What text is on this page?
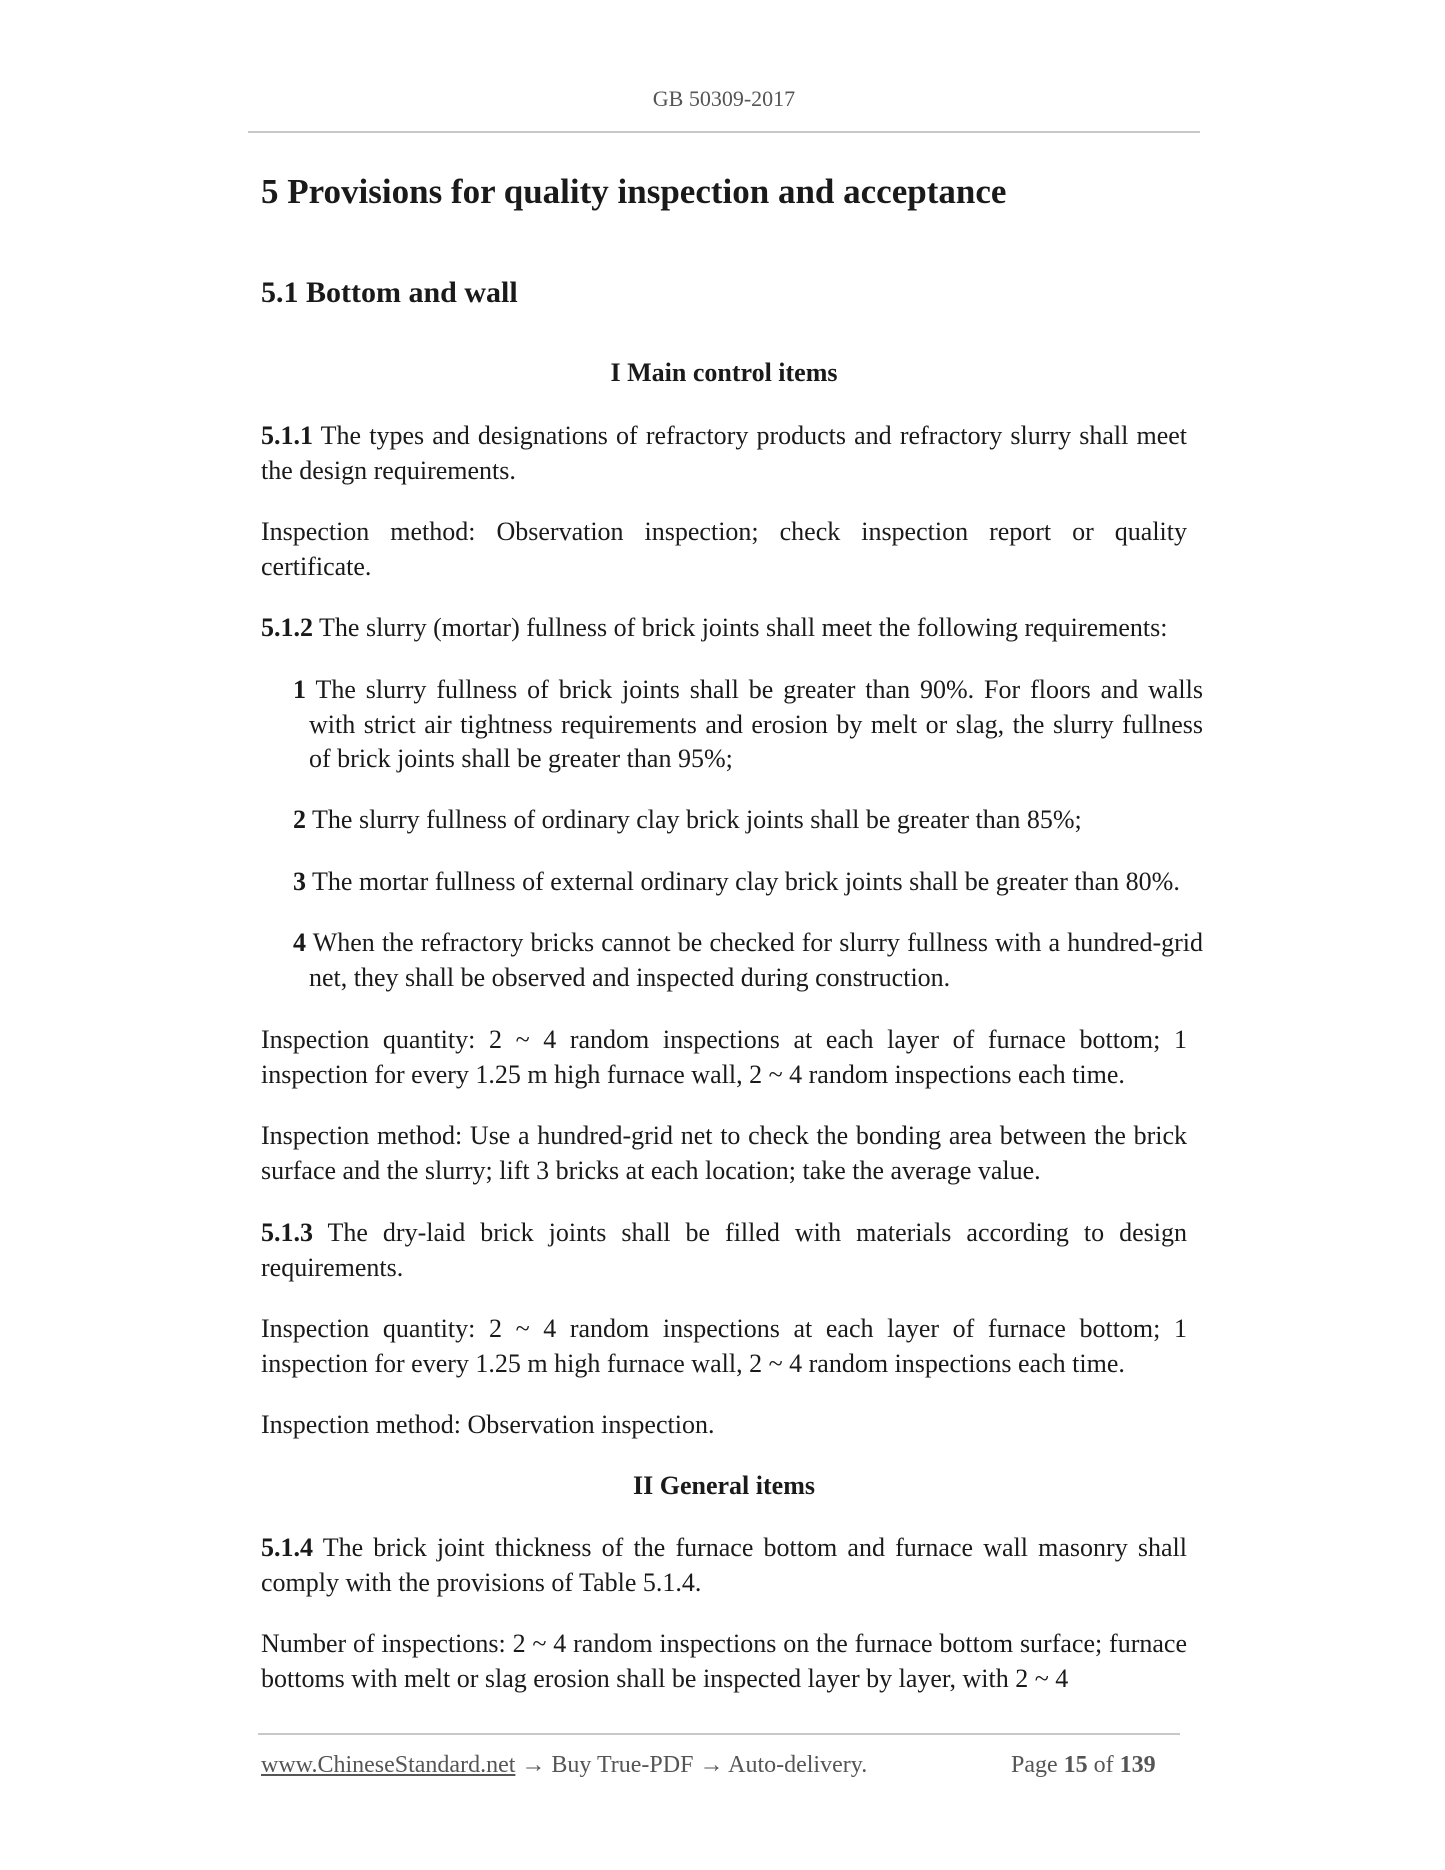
GB 50309-2017
5 Provisions for quality inspection and acceptance
5.1 Bottom and wall
I Main control items
5.1.1 The types and designations of refractory products and refractory slurry shall meet the design requirements.
Inspection method: Observation inspection; check inspection report or quality certificate.
5.1.2 The slurry (mortar) fullness of brick joints shall meet the following requirements:
1 The slurry fullness of brick joints shall be greater than 90%. For floors and walls with strict air tightness requirements and erosion by melt or slag, the slurry fullness of brick joints shall be greater than 95%;
2 The slurry fullness of ordinary clay brick joints shall be greater than 85%;
3 The mortar fullness of external ordinary clay brick joints shall be greater than 80%.
4 When the refractory bricks cannot be checked for slurry fullness with a hundred-grid net, they shall be observed and inspected during construction.
Inspection quantity: 2 ~ 4 random inspections at each layer of furnace bottom; 1 inspection for every 1.25 m high furnace wall, 2 ~ 4 random inspections each time.
Inspection method: Use a hundred-grid net to check the bonding area between the brick surface and the slurry; lift 3 bricks at each location; take the average value.
5.1.3 The dry-laid brick joints shall be filled with materials according to design requirements.
Inspection quantity: 2 ~ 4 random inspections at each layer of furnace bottom; 1 inspection for every 1.25 m high furnace wall, 2 ~ 4 random inspections each time.
Inspection method: Observation inspection.
II General items
5.1.4 The brick joint thickness of the furnace bottom and furnace wall masonry shall comply with the provisions of Table 5.1.4.
Number of inspections: 2 ~ 4 random inspections on the furnace bottom surface; furnace bottoms with melt or slag erosion shall be inspected layer by layer, with 2 ~ 4
www.ChineseStandard.net → Buy True-PDF → Auto-delivery.	Page 15 of 139
